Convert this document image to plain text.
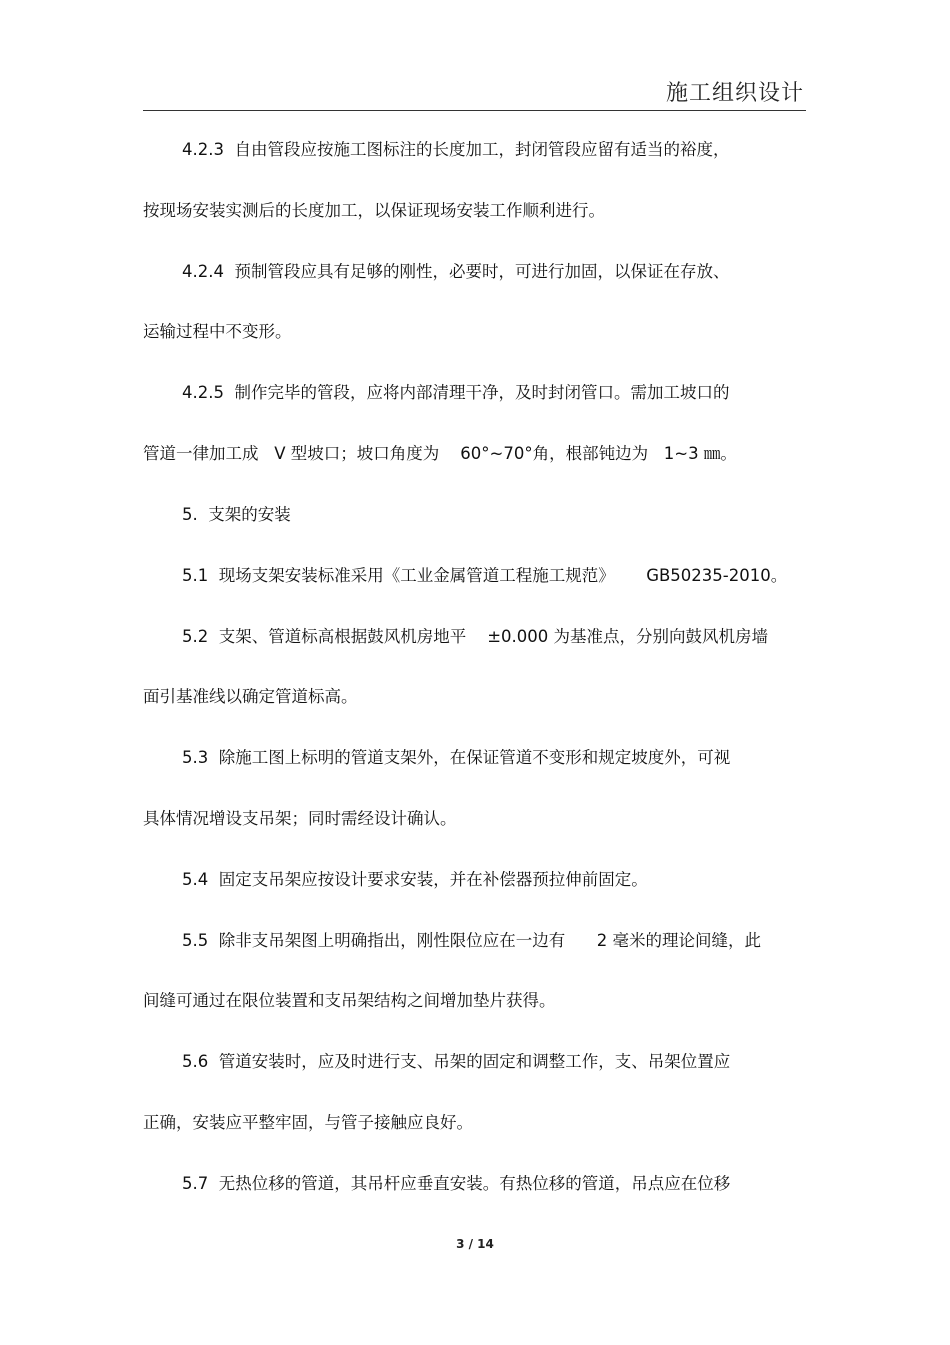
施工组织设计
4.2.3  自由管段应按施工图标注的长度加工，封闭管段应留有适当的裕度，
按现场安装实测后的长度加工，以保证现场安装工作顺利进行。
4.2.4  预制管段应具有足够的刚性，必要时，可进行加固，以保证在存放、
运输过程中不变形。
4.2.5  制作完毕的管段，应将内部清理干净，及时封闭管口。需加工坡口的
管道一律加工成   V 型坡口；坡口角度为    60°~70°角，根部钝边为   1~3 ㎜。
5.  支架的安装
5.1  现场支架安装标准采用《工业金属管道工程施工规范》      GB50235-2010。
5.2  支架、管道标高根据鼓风机房地平    ±0.000 为基准点，分别向鼓风机房墙
面引基准线以确定管道标高。
5.3  除施工图上标明的管道支架外，在保证管道不变形和规定坡度外，可视
具体情况增设支吊架；同时需经设计确认。
5.4  固定支吊架应按设计要求安装，并在补偿器预拉伸前固定。
5.5  除非支吊架图上明确指出，刚性限位应在一边有      2 毫米的理论间缝，此
间缝可通过在限位装置和支吊架结构之间增加垫片获得。
5.6  管道安装时，应及时进行支、吊架的固定和调整工作，支、吊架位置应
正确，安装应平整牢固，与管子接触应良好。
5.7  无热位移的管道，其吊杆应垂直安装。有热位移的管道，吊点应在位移
3 / 14
